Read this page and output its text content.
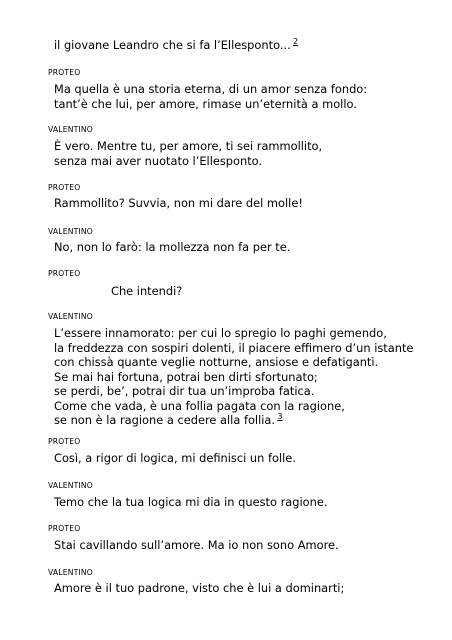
il giovane Leandro che si fa l’Ellesponto...  $^2$
PROTEO
Ma quella è una storia eterna, di un amor senza fondo:
tant’è che lui, per amore, rimase un’eternità a mollo.
VALENTINO
È vero. Mentre tu, per amore, ti sei rammollito,
senza mai aver nuotato l’Ellesponto.
PROTEO
Rammollito? Suvvia, non mi dare del molle!
VALENTINO
No, non lo farò: la mollezza non fa per te.
PROTEO
Che intendi?
VALENTINO
L’essere innamorato: per cui lo spregio lo paghi gemendo,
la freddezza con sospiri dolenti, il piacere effimero d’un istante
con chissà quante veglie notturne, ansiose e defatiganti.
Se mai hai fortuna, potrai ben dirti sfortunato;
se perdi, be’, potrai dir tua un’improba fatica.
Come che vada, è una follia pagata con la ragione,
se non è la ragione a cedere alla follia.  $^3$
PROTEO
Così, a rigor di logica, mi definisci un folle.
VALENTINO
Temo che la tua logica mi dia in questo ragione.
PROTEO
Stai cavillando sull’amore. Ma io non sono Amore.
VALENTINO
Amore è il tuo padrone, visto che è lui a dominarti;
